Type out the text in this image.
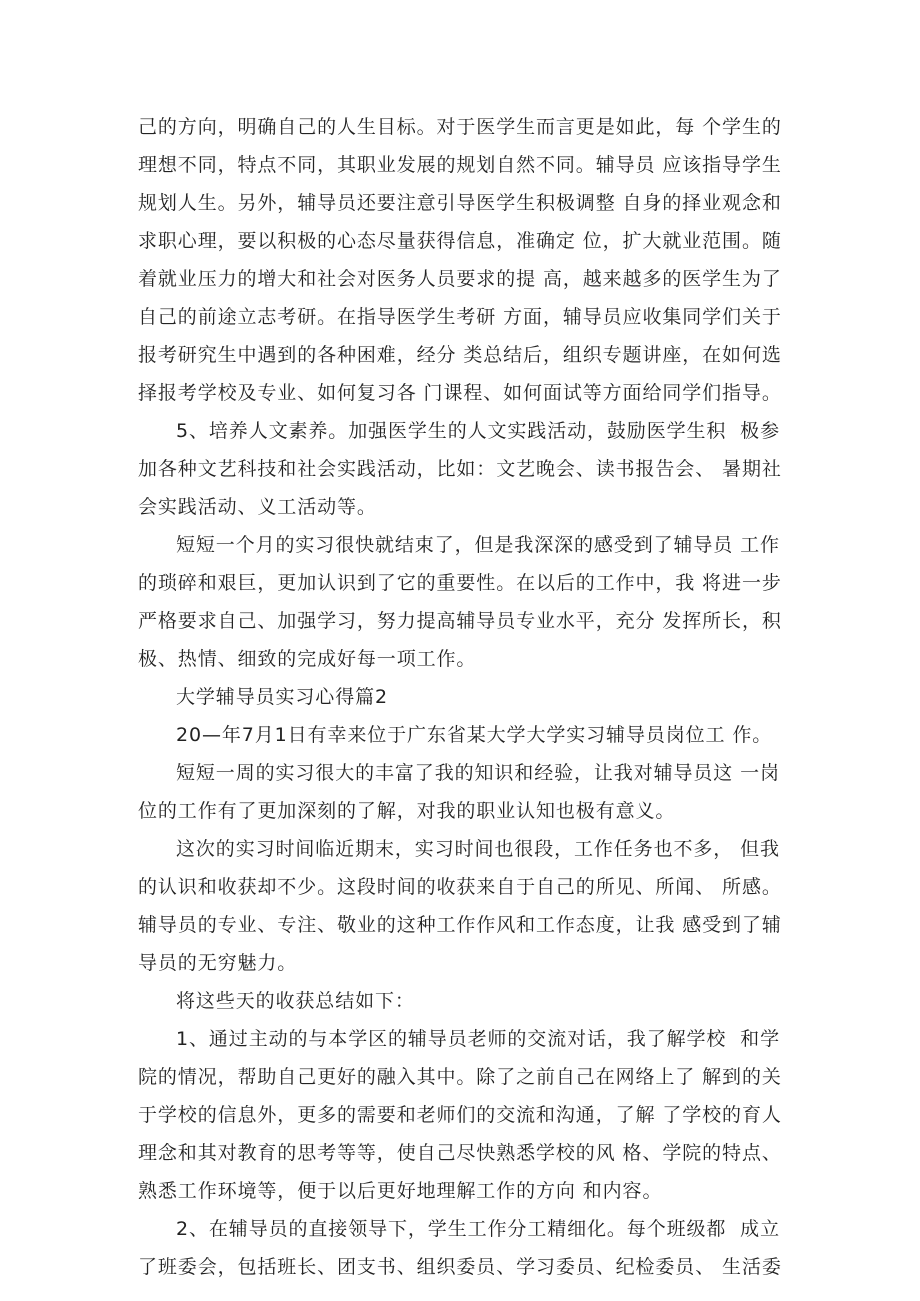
己的方向，明确自己的人生目标。对于医学生而言更是如此，每 个学生的
理想不同，特点不同，其职业发展的规划自然不同。辅导员 应该指导学生
规划人生。另外，辅导员还要注意引导医学生积极调整 自身的择业观念和
求职心理，要以积极的心态尽量获得信息，准确定 位，扩大就业范围。随
着就业压力的增大和社会对医务人员要求的提 高，越来越多的医学生为了
自己的前途立志考研。在指导医学生考研 方面，辅导员应收集同学们关于
报考研究生中遇到的各种困难，经分 类总结后，组织专题讲座，在如何选
择报考学校及专业、如何复习各 门课程、如何面试等方面给同学们指导。
5、培养人文素养。加强医学生的人文实践活动，鼓励医学生积  极参
加各种文艺科技和社会实践活动，比如：文艺晚会、读书报告会、 暑期社
会实践活动、义工活动等。
短短一个月的实习很快就结束了，但是我深深的感受到了辅导员 工作
的琐碎和艰巨，更加认识到了它的重要性。在以后的工作中，我 将进一步
严格要求自己、加强学习，努力提高辅导员专业水平，充分 发挥所长，积
极、热情、细致的完成好每一项工作。
大学辅导员实习心得篇2
20—年7月1日有幸来位于广东省某大学大学实习辅导员岗位工 作。
短短一周的实习很大的丰富了我的知识和经验，让我对辅导员这 一岗
位的工作有了更加深刻的了解，对我的职业认知也极有意义。
这次的实习时间临近期末，实习时间也很段，工作任务也不多， 但我
的认识和收获却不少。这段时间的收获来自于自己的所见、所闻、 所感。
辅导员的专业、专注、敬业的这种工作作风和工作态度，让我 感受到了辅
导员的无穷魅力。
将这些天的收获总结如下：
1、通过主动的与本学区的辅导员老师的交流对话，我了解学校  和学
院的情况，帮助自己更好的融入其中。除了之前自己在网络上了 解到的关
于学校的信息外，更多的需要和老师们的交流和沟通，了解 了学校的育人
理念和其对教育的思考等等，使自己尽快熟悉学校的风 格、学院的特点、
熟悉工作环境等，便于以后更好地理解工作的方向 和内容。
2、在辅导员的直接领导下，学生工作分工精细化。每个班级都  成立
了班委会，包括班长、团支书、组织委员、学习委员、纪检委员、 生活委
